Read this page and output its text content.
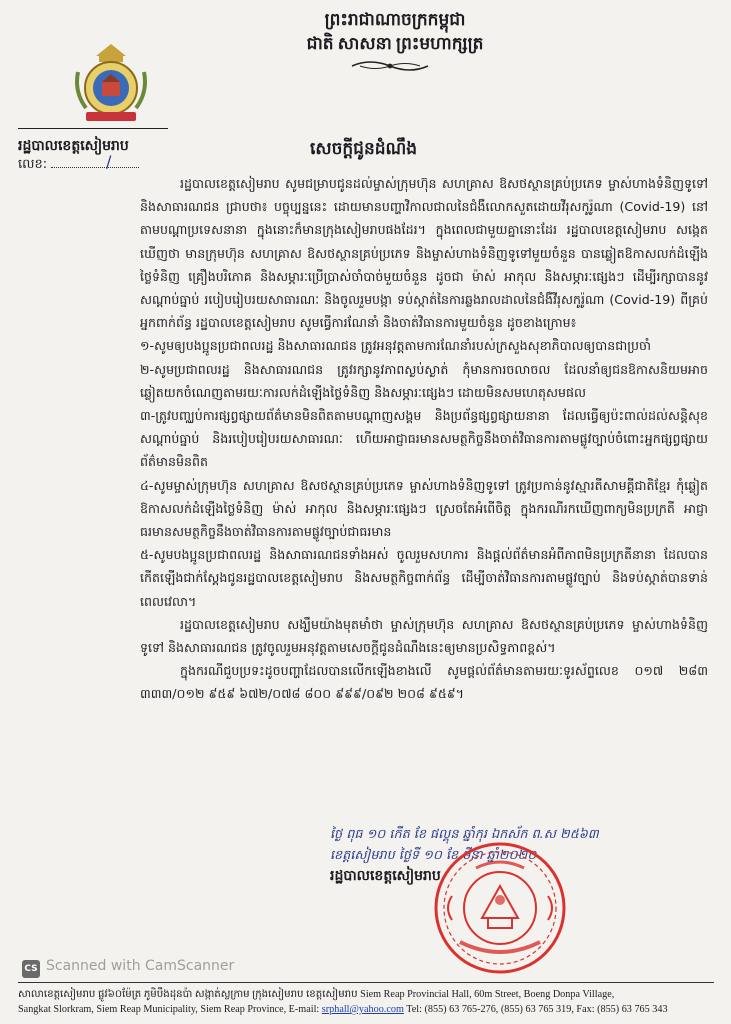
ព្រះរាជាណាចក្រកម្ពុជា
ជាតិ សាសនា ព្រះមហាក្សត្រ
រដ្ឋបាលខេត្តសៀមរាប
លេខ:	/
សេចក្តីជូនដំណឹង

រដ្ឋបាលខេត្តសៀមរាប សូមជម្រាបជូនដល់ម្ចាស់ក្រុមហ៊ុន សហគ្រាស ឱសថស្ថានគ្រប់ប្រភេទ ម្ចាស់ហាងទំនិញទូទៅ និងសាធារណជន ជ្រាបថា៖ បច្ចុប្បន្ននេះ ដោយមានបញ្ហាវិកាលជាលនៃជំងឺលោកសួតដោយវីរុសកូរ៉ូណា (Covid-19) នៅតាមបណ្តាប្រទេសនានា ក្នុងនោះក៏មានក្រុងសៀមរាបផងដែរ។ ក្នុងពេលជាមួយគ្នានោះដែរ រដ្ឋបាលខេត្តសៀមរាប សង្កេតឃើញថា មានក្រុមហ៊ុន សហគ្រាស ឱសថស្ថានគ្រប់ប្រភេទ និងម្ចាស់ហាងទំនិញទូទៅមួយចំនួន បានឆ្លៀតឱកាសលក់ដំឡើងថ្លៃទំនិញ គ្រឿងបរិភោគ និងសម្ភារៈប្រើប្រាស់ចាំបាច់មួយចំនួន ដូចជា ម៉ាស់ អាកុល និងសម្ភារៈផ្សេងៗ ដើម្បីរក្សាបាននូវសណ្តាប់ធ្នាប់ របៀបរៀបរយសាធារណៈ និងចូលរួមបង្កា ទប់ស្កាត់នៃការឆ្លងរាលដាលនៃជំងឺវីរុសកូរ៉ូណា (Covid-19) ពីគ្រប់អ្នកពាក់ព័ន្ធ រដ្ឋបាលខេត្តសៀមរាប សូមធ្វើការណែនាំ និងចាត់វិធានការមួយចំនួន ដូចខាងក្រោម៖

១-សូមឲ្យបងប្អូនប្រជាពលរដ្ឋ និងសាធារណជន ត្រូវអនុវត្តតាមការណែនាំរបស់ក្រសួងសុខាភិបាលឲ្យបានជាប្រចាំ

២-សូមប្រជាពលរដ្ឋ និងសាធារណជន ត្រូវរក្សានូវភាពស្ងប់ស្ងាត់ កុំមានការចលាចល ដែលនាំឲ្យជនឱកាសនិយមអាចឆ្លៀតយកចំណេញតាមរយៈការលក់ដំឡើងថ្លៃទំនិញ និងសម្ភារៈផ្សេងៗ ដោយមិនសមហេតុសមផល

៣-ត្រូវបញ្ឈប់ការផ្សព្វផ្សាយព័ត៌មានមិនពិតតាមបណ្តាញសង្គម និងប្រព័ន្ធផ្សព្វផ្សាយនានា ដែលធ្វើឲ្យប៉ះពាល់ដល់សន្តិសុខ សណ្តាប់ធ្នាប់ និងរបៀបរៀបរយសាធារណៈ ហើយអាជ្ញាធរមានសមត្ថកិច្ចនឹងចាត់វិធានការតាមផ្លូវច្បាប់ចំពោះអ្នកផ្សព្វផ្សាយព័ត៌មានមិនពិត

៤-សូមម្ចាស់ក្រុមហ៊ុន សហគ្រាស ឱសថស្ថានគ្រប់ប្រភេទ ម្ចាស់ហាងទំនិញទូទៅ ត្រូវប្រកាន់នូវស្មារតីសាមគ្គីជាតិខ្មែរ កុំឆ្លៀតឱកាសលក់ដំឡើងថ្លៃទំនិញ ម៉ាស់ អាកុល និងសម្ភារៈផ្សេងៗ ស្រេចតែអំពើចិត្ត ក្នុងករណីរកឃើញពាក្យមិនប្រក្រតី អាជ្ញាធរមានសមត្ថកិច្ចនឹងចាត់វិធានការតាមផ្លូវច្បាប់ជាធរមាន

៥-សូមបងប្អូនប្រជាពលរដ្ឋ និងសាធារណជនទាំងអស់ ចូលរួមសហការ និងផ្តល់ព័ត៌មានអំពីភាពមិនប្រក្រតីនានា ដែលបានកើតឡើងជាក់ស្តែងជូនរដ្ឋបាលខេត្តសៀមរាប និងសមត្ថកិច្ចពាក់ព័ន្ធ ដើម្បីចាត់វិធានការតាមផ្លូវច្បាប់ និងទប់ស្កាត់បានទាន់ពេលវេលា។

រដ្ឋបាលខេត្តសៀមរាប សង្ឃឹមយ៉ាងមុតមាំថា ម្ចាស់ក្រុមហ៊ុន សហគ្រាស ឱសថស្ថានគ្រប់ប្រភេទ ម្ចាស់ហាងទំនិញទូទៅ និងសាធារណជន ត្រូវចូលរួមអនុវត្តតាមសេចក្តីជូនដំណឹងនេះឲ្យមានប្រសិទ្ធភាពខ្ពស់។

ក្នុងករណីជួបប្រទះដូចបញ្ហាដែលបានលើកឡើងខាងលើ សូមផ្តល់ព័ត៌មានតាមរយៈទូរស័ព្ទលេខ ០១៧ ២៨៣ ៣៣៣/០១២ ៩៥៩ ៦៧២/០៧៨ ៨០០ ៩៩៩/០៩២ ២០៨ ៩៥៩។

ថ្ងៃ ពុធ ១០ កើត ខែ ផល្គុន ឆ្នាំកុរ ឯកស័ក ព.ស ២៥៦៣
ខេត្តសៀមរាប ថ្ងៃទី ១០ ខែ មីនា ឆ្នាំ២០២០
រដ្ឋបាលខេត្តសៀមរាប
សាលាខេត្តសៀមរាប ផ្លូវ៦០ម៉ែត្រ ភូមិបឹងដុនប៉ា សង្កាត់ស្លក្រាម ក្រុងសៀមរាប ខេត្តសៀមរាប Siem Reap Provincial Hall, 60m Street, Boeng Donpa Village,
Sangkat Slorkram, Siem Reap Municipality, Siem Reap Province, E-mail: srphall@yahoo.com Tel: (855) 63 765-276, (855) 63 765 319, Fax: (855) 63 765 343
CS Scanned with CamScanner
